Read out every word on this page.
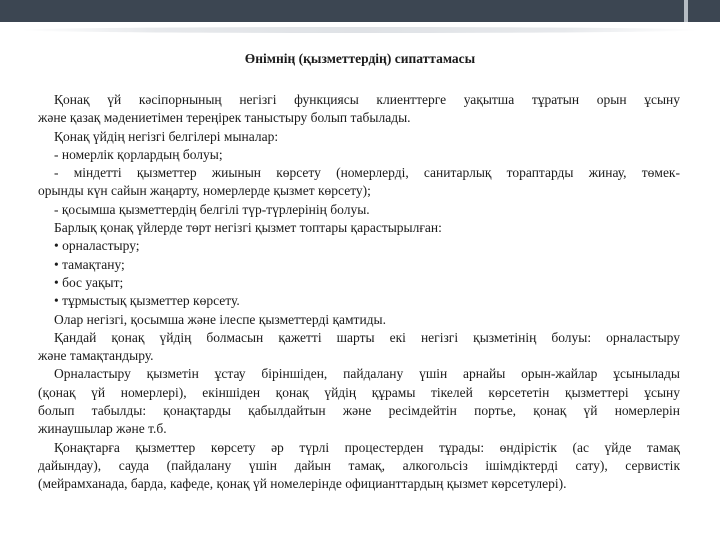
Өнімнің (қызметтердің) сипаттамасы
Қонақ үй кәсіпорнының негізгі функциясы клиенттерге уақытша тұратын орын ұсыну
және қазақ мәдениетімен тереңірек таныстыру болып табылады.
Қонақ үйдің негізгі белгілері мыналар:
- номерлік қорлардың болуы;
- міндетті қызметтер жиынын көрсету (номерлерді, санитарлық тораптарды жинау, төмек-
орынды күн сайын жаңарту, номерлерде қызмет көрсету);
- қосымша қызметтердің белгілі түр-түрлерінің болуы.
Барлық қонақ үйлерде төрт негізгі қызмет топтары қарастырылған:
• орналастыру;
• тамақтану;
• бос уақыт;
• тұрмыстық қызметтер көрсету.
Олар негізгі, қосымша және ілеспе қызметтерді қамтиды.
Қандай қонақ үйдің болмасын қажетті шарты екі негізгі қызметінің болуы: орналастыру
және тамақтандыру.
Орналастыру қызметін ұстау біріншіден, пайдалану үшін арнайы орын-жайлар ұсынылады
(қонақ үй номерлері), екіншіден қонақ үйдің құрамы тікелей көрсететін қызметтері ұсыну
болып табылды: қонақтарды қабылдайтын және ресімдейтін портье, қонақ үй номерлерін
жинаушылар және т.б.
Қонақтарға қызметтер көрсету әр түрлі процестерден тұрады: өндірістік (ас үйде тамақ
дайындау), сауда (пайдалану үшін дайын тамақ, алкогольсіз ішімдіктерді сату), сервистік
(мейрамханада, барда, кафеде, қонақ үй номелерінде официанттардың қызмет көрсетулері).
